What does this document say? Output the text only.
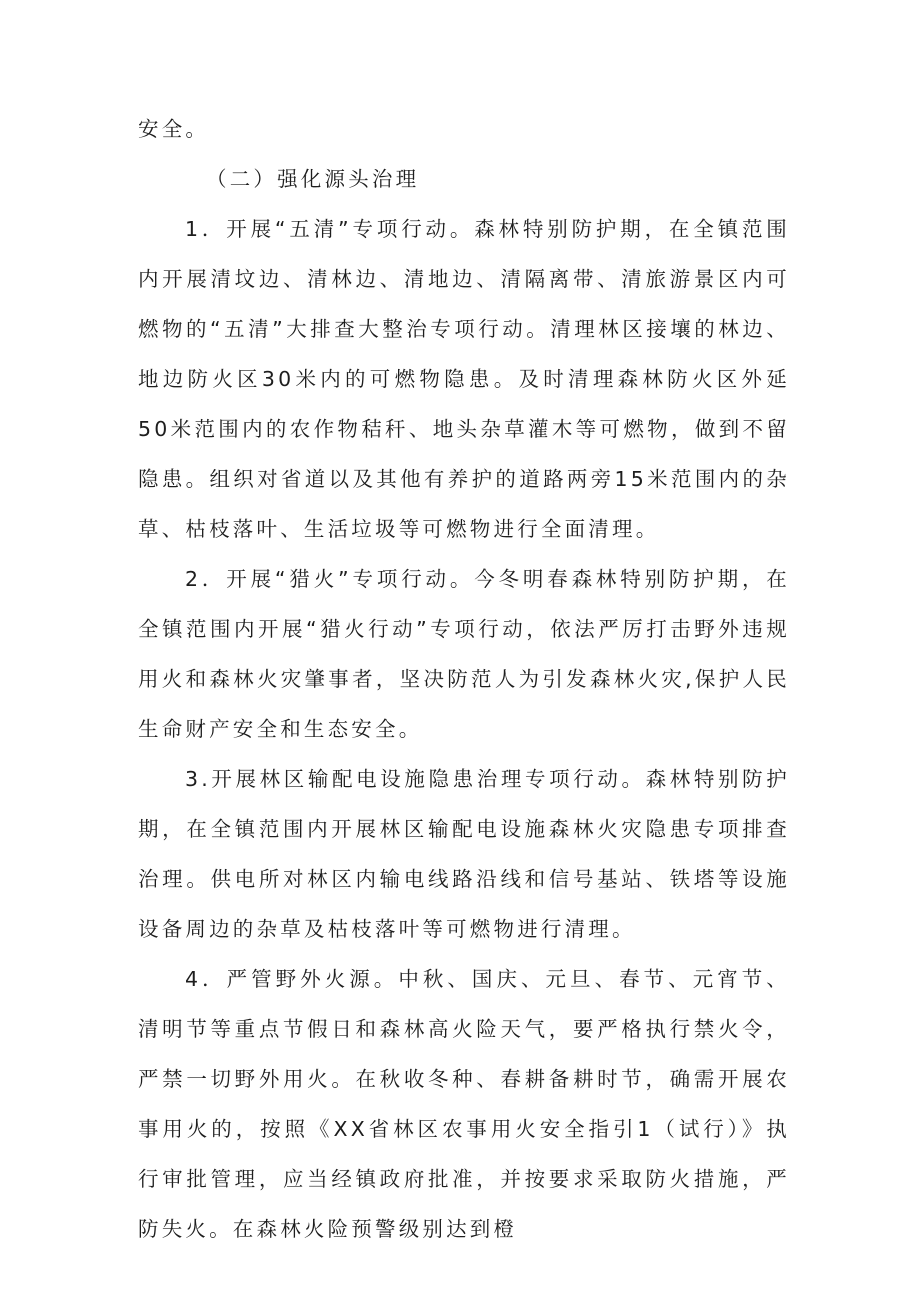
安全。

（二）强化源头治理

1．开展“五清”专项行动。森林特别防护期，在全镇范围内开展清坟边、清林边、清地边、清隔离带、清旅游景区内可燃物的“五清”大排查大整治专项行动。清理林区接壤的林边、地边防火区30米内的可燃物隐患。及时清理森林防火区外延50米范围内的农作物秸秆、地头杂草灌木等可燃物，做到不留隐患。组织对省道以及其他有养护的道路两旁15米范围内的杂草、枯枝落叶、生活垃圾等可燃物进行全面清理。

2．开展“猎火”专项行动。今冬明春森林特别防护期，在全镇范围内开展“猎火行动”专项行动，依法严厉打击野外违规用火和森林火灾肇事者，坚决防范人为引发森林火灾,保护人民生命财产安全和生态安全。

3.开展林区输配电设施隐患治理专项行动。森林特别防护期，在全镇范围内开展林区输配电设施森林火灾隐患专项排查治理。供电所对林区内输电线路沿线和信号基站、铁塔等设施设备周边的杂草及枯枝落叶等可燃物进行清理。

4．严管野外火源。中秋、国庆、元旦、春节、元宵节、清明节等重点节假日和森林高火险天气，要严格执行禁火令，严禁一切野外用火。在秋收冬种、春耕备耕时节，确需开展农事用火的，按照《XX省林区农事用火安全指引1（试行）》执行审批管理，应当经镇政府批准，并按要求采取防火措施，严防失火。在森林火险预警级别达到橙
